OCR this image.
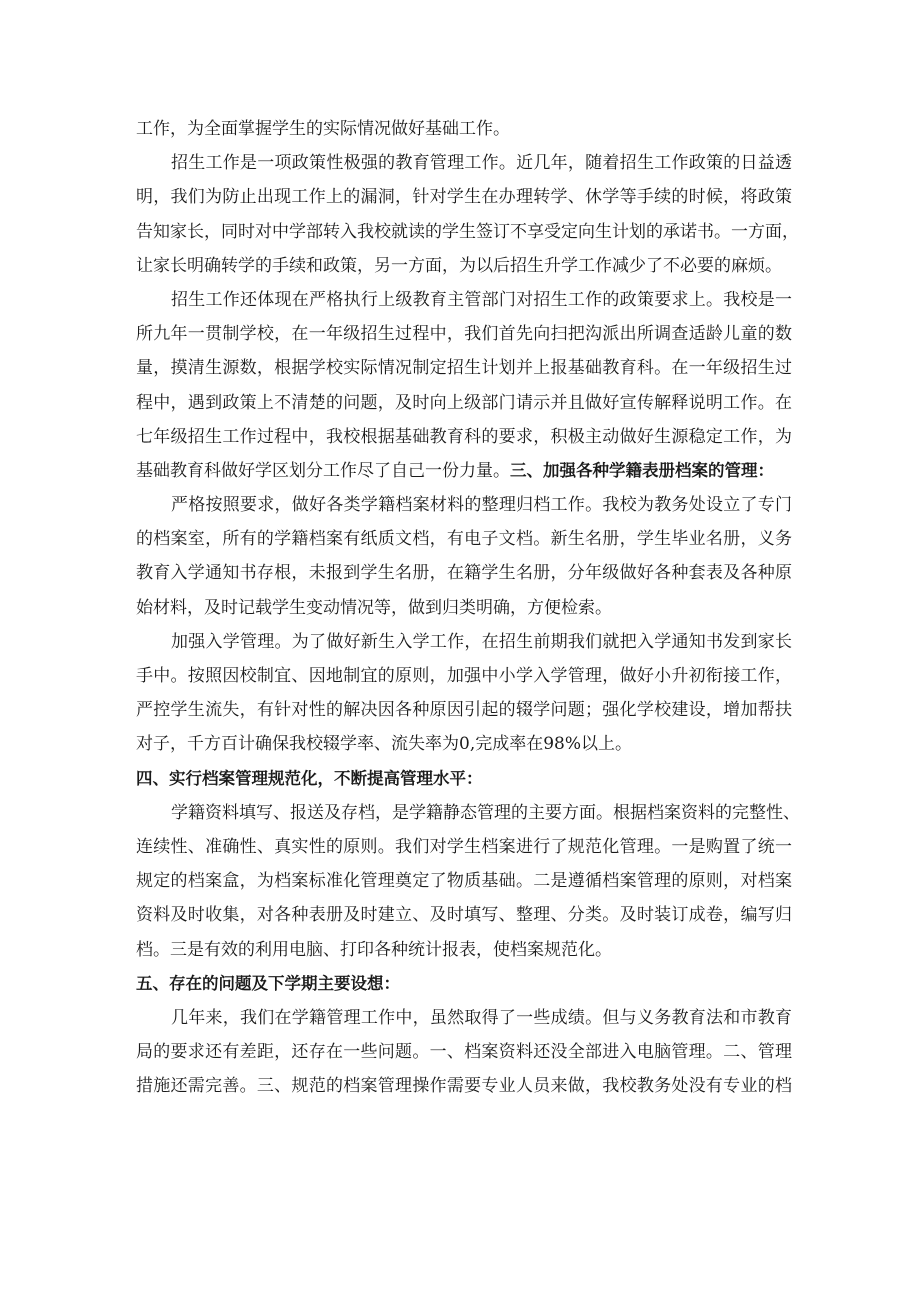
工作，为全面掌握学生的实际情况做好基础工作。
招生工作是一项政策性极强的教育管理工作。近几年，随着招生工作政策的日益透
明，我们为防止出现工作上的漏洞，针对学生在办理转学、休学等手续的时候，将政策
告知家长，同时对中学部转入我校就读的学生签订不享受定向生计划的承诺书。一方面，
让家长明确转学的手续和政策，另一方面，为以后招生升学工作减少了不必要的麻烦。
招生工作还体现在严格执行上级教育主管部门对招生工作的政策要求上。我校是一
所九年一贯制学校，在一年级招生过程中，我们首先向扫把沟派出所调查适龄儿童的数
量，摸清生源数，根据学校实际情况制定招生计划并上报基础教育科。在一年级招生过
程中，遇到政策上不清楚的问题，及时向上级部门请示并且做好宣传解释说明工作。在
七年级招生工作过程中，我校根据基础教育科的要求，积极主动做好生源稳定工作，为
基础教育科做好学区划分工作尽了自己一份力量。三、加强各种学籍表册档案的管理：
严格按照要求，做好各类学籍档案材料的整理归档工作。我校为教务处设立了专门
的档案室，所有的学籍档案有纸质文档，有电子文档。新生名册，学生毕业名册，义务
教育入学通知书存根，未报到学生名册，在籍学生名册，分年级做好各种套表及各种原
始材料，及时记载学生变动情况等，做到归类明确，方便检索。
加强入学管理。为了做好新生入学工作，在招生前期我们就把入学通知书发到家长
手中。按照因校制宜、因地制宜的原则，加强中小学入学管理，做好小升初衔接工作，
严控学生流失，有针对性的解决因各种原因引起的辍学问题；强化学校建设，增加帮扶
对子，千方百计确保我校辍学率、流失率为0,完成率在98%以上。
四、实行档案管理规范化，不断提高管理水平：
学籍资料填写、报送及存档，是学籍静态管理的主要方面。根据档案资料的完整性、
连续性、准确性、真实性的原则。我们对学生档案进行了规范化管理。一是购置了统一
规定的档案盒，为档案标准化管理奠定了物质基础。二是遵循档案管理的原则，对档案
资料及时收集，对各种表册及时建立、及时填写、整理、分类。及时装订成卷，编写归
档。三是有效的利用电脑、打印各种统计报表，使档案规范化。
五、存在的问题及下学期主要设想：
几年来，我们在学籍管理工作中，虽然取得了一些成绩。但与义务教育法和市教育
局的要求还有差距，还存在一些问题。一、档案资料还没全部进入电脑管理。二、管理
措施还需完善。三、规范的档案管理操作需要专业人员来做，我校教务处没有专业的档
